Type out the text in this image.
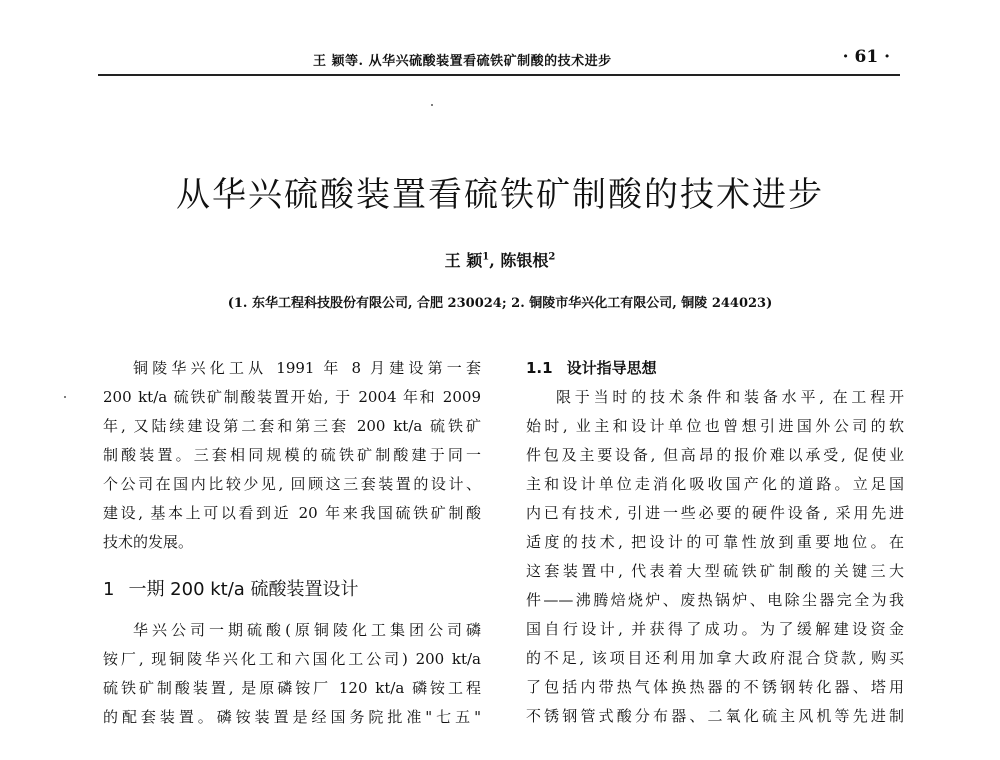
王 颖等. 从华兴硫酸装置看硫铁矿制酸的技术进步	· 61 ·
从华兴硫酸装置看硫铁矿制酸的技术进步
王 颖$^1$, 陈银根$^2$
(1. 东华工程科技股份有限公司, 合肥 230024; 2. 铜陵市华兴化工有限公司, 铜陵 244023)

铜陵华兴化工从 1991 年 8 月建设第一套

200 kt/a 硫铁矿制酸装置开始, 于 2004 年和 2009

年, 又陆续建设第二套和第三套 200 kt/a 硫铁矿

制酸装置。三套相同规模的硫铁矿制酸建于同一

个公司在国内比较少见, 回顾这三套装置的设计、

建设, 基本上可以看到近 20 年来我国硫铁矿制酸

技术的发展。

1 一期 200 kt/a 硫酸装置设计

华兴公司一期硫酸(原铜陵化工集团公司磷

铵厂, 现铜陵华兴化工和六国化工公司) 200 kt/a

硫铁矿制酸装置, 是原磷铵厂 120 kt/a 磷铵工程

的配套装置。磷铵装置是经国务院批准"七五"

1.1 设计指导思想

限于当时的技术条件和装备水平, 在工程开

始时, 业主和设计单位也曾想引进国外公司的软

件包及主要设备, 但高昂的报价难以承受, 促使业

主和设计单位走消化吸收国产化的道路。立足国

内已有技术, 引进一些必要的硬件设备, 采用先进

适度的技术, 把设计的可靠性放到重要地位。在

这套装置中, 代表着大型硫铁矿制酸的关键三大

件——沸腾焙烧炉、废热锅炉、电除尘器完全为我

国自行设计, 并获得了成功。为了缓解建设资金

的不足, 该项目还利用加拿大政府混合贷款, 购买

了包括内带热气体换热器的不锈钢转化器、塔用

不锈钢管式酸分布器、二氧化硫主风机等先进制
